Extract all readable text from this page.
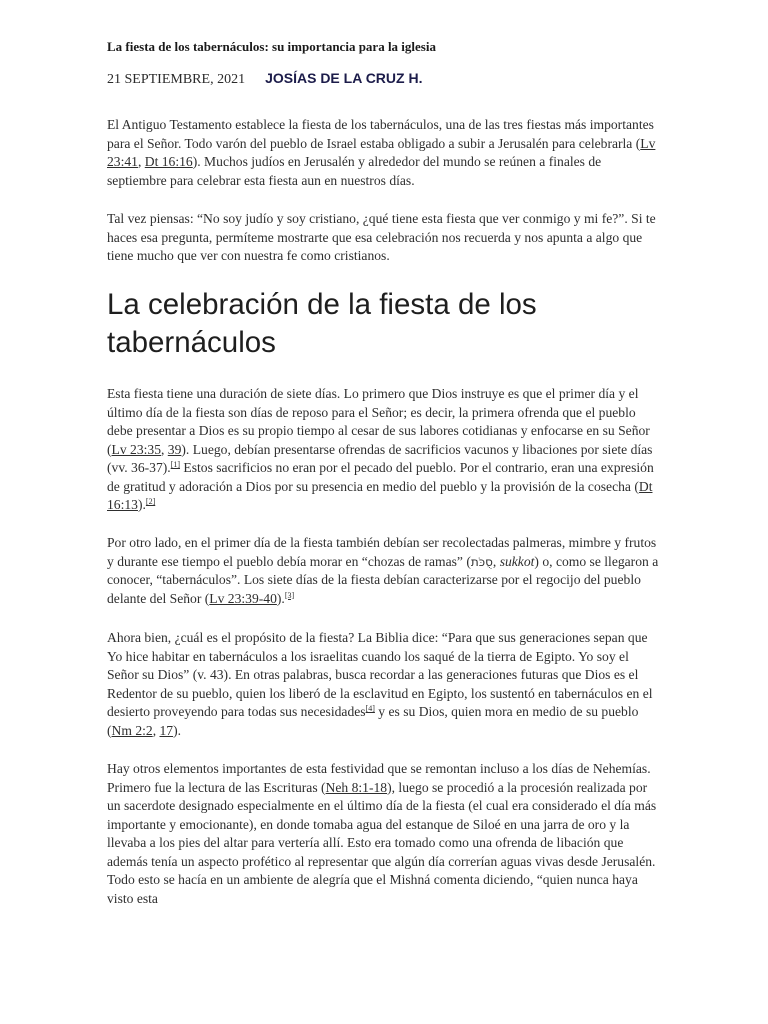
La fiesta de los tabernáculos: su importancia para la iglesia
21 SEPTIEMBRE, 2021 JOSÍAS DE LA CRUZ H.

El Antiguo Testamento establece la fiesta de los tabernáculos, una de las tres fiestas más importantes para el Señor. Todo varón del pueblo de Israel estaba obligado a subir a Jerusalén para celebrarla (Lv 23:41, Dt 16:16). Muchos judíos en Jerusalén y alrededor del mundo se reúnen a finales de septiembre para celebrar esta fiesta aun en nuestros días.

Tal vez piensas: “No soy judío y soy cristiano, ¿qué tiene esta fiesta que ver conmigo y mi fe?”. Si te haces esa pregunta, permíteme mostrarte que esa celebración nos recuerda y nos apunta a algo que tiene mucho que ver con nuestra fe como cristianos.

La celebración de la fiesta de los tabernáculos

Esta fiesta tiene una duración de siete días. Lo primero que Dios instruye es que el primer día y el último día de la fiesta son días de reposo para el Señor; es decir, la primera ofrenda que el pueblo debe presentar a Dios es su propio tiempo al cesar de sus labores cotidianas y enfocarse en su Señor (Lv 23:35, 39). Luego, debían presentarse ofrendas de sacrificios vacunos y libaciones por siete días (vv. 36-37).[1] Estos sacrificios no eran por el pecado del pueblo. Por el contrario, eran una expresión de gratitud y adoración a Dios por su presencia en medio del pueblo y la provisión de la cosecha (Dt 16:13).[2]

Por otro lado, en el primer día de la fiesta también debían ser recolectadas palmeras, mimbre y frutos y durante ese tiempo el pueblo debía morar en “chozas de ramas” (סֻכֹּת, sukkot) o, como se llegaron a conocer, “tabernáculos”. Los siete días de la fiesta debían caracterizarse por el regocijo del pueblo delante del Señor (Lv 23:39-40).[3]

Ahora bien, ¿cuál es el propósito de la fiesta? La Biblia dice: “Para que sus generaciones sepan que Yo hice habitar en tabernáculos a los israelitas cuando los saqué de la tierra de Egipto. Yo soy el Señor su Dios” (v. 43). En otras palabras, busca recordar a las generaciones futuras que Dios es el Redentor de su pueblo, quien los liberó de la esclavitud en Egipto, los sustentó en tabernáculos en el desierto proveyendo para todas sus necesidades[4] y es su Dios, quien mora en medio de su pueblo (Nm 2:2, 17).

Hay otros elementos importantes de esta festividad que se remontan incluso a los días de Nehemías. Primero fue la lectura de las Escrituras (Neh 8:1-18), luego se procedió a la procesión realizada por un sacerdote designado especialmente en el último día de la fiesta (el cual era considerado el día más importante y emocionante), en donde tomaba agua del estanque de Siloé en una jarra de oro y la llevaba a los pies del altar para vertería allí. Esto era tomado como una ofrenda de libación que además tenía un aspecto profético al representar que algún día correrían aguas vivas desde Jerusalén. Todo esto se hacía en un ambiente de alegría que el Mishná comenta diciendo, “quien nunca haya visto esta
